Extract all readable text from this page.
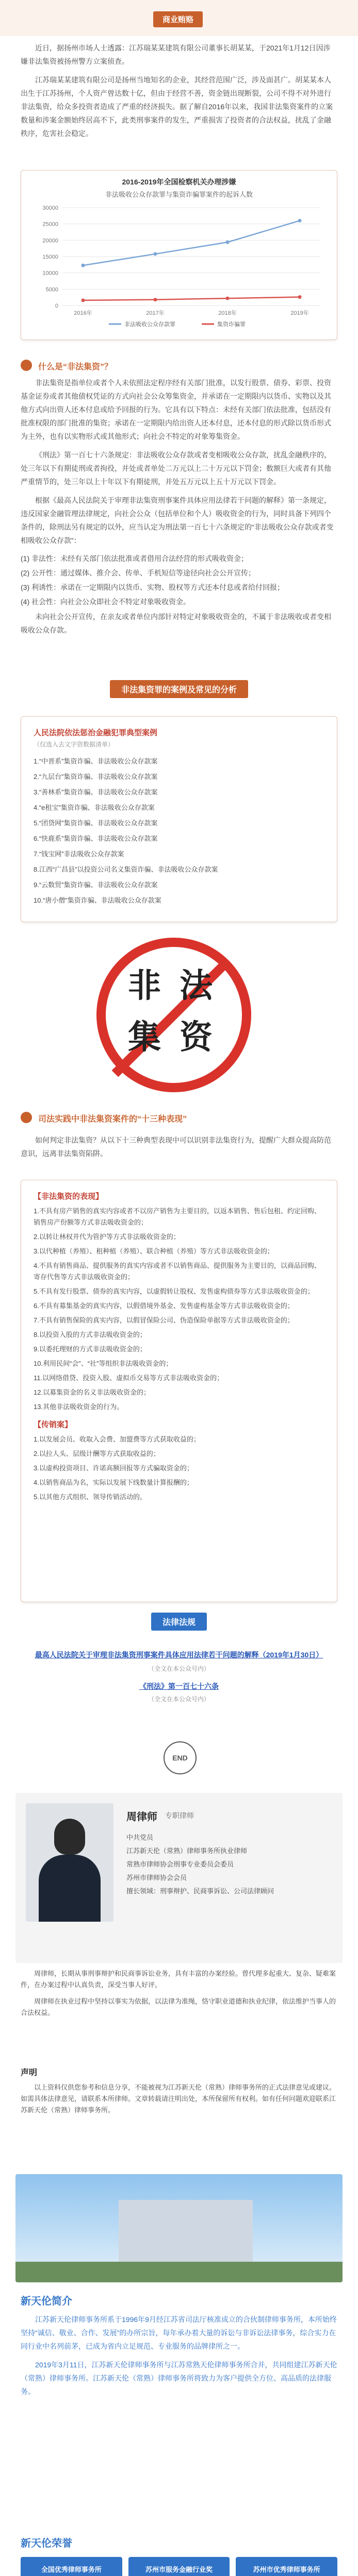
商业贿赂

近日，据扬州市场人士透露：江苏瑞某某建筑有限公司董事长胡某某，于2021年1月12日因涉嫌非法集资被扬州警方立案侦查。

江苏瑞某某建筑有限公司是扬州当地知名的企业，其经营范围广泛，涉及面甚广。胡某某本人出生于江苏扬州，个人资产曾达数十亿，但由于经营不善，资金链出现断裂，公司不得不对外进行非法集资，给众多投资者造成了严重的经济损失。据了解自2016年以来，我国非法集资案件的立案数量和涉案金额始终居高不下，此类刑事案件的发生，严重损害了投资者的合法权益，扰乱了金融秩序，危害社会稳定。

2016-2019年全国检察机关办理涉嫌
非法吸收公众存款罪与集资诈骗罪案件的起诉人数
0
5000
10000
15000
20000
25000
30000
2016年	2017年	2018年	2019年
非法吸收公众存款罪	集资诈骗罪
什么是“非法集资”？

非法集资是指单位或者个人未依照法定程序经有关部门批准，以发行股票、债券、彩票、投资基金证券或者其他债权凭证的方式向社会公众筹集资金，并承诺在一定期限内以货币、实物以及其他方式向出资人还本付息或给予回报的行为。它具有以下特点：未经有关部门依法批准，包括没有批准权限的部门批准的集资；承诺在一定期限内给出资人还本付息，还本付息的形式除以货币形式为主外，也有以实物形式或其他形式；向社会不特定的对象筹集资金。

《刑法》第一百七十六条规定：非法吸收公众存款或者变相吸收公众存款，扰乱金融秩序的，处三年以下有期徒刑或者拘役，并处或者单处二万元以上二十万元以下罚金；数额巨大或者有其他严重情节的，处三年以上十年以下有期徒刑，并处五万元以上五十万元以下罚金。

根据《最高人民法院关于审理非法集资刑事案件具体应用法律若干问题的解释》第一条规定，违反国家金融管理法律规定，向社会公众（包括单位和个人）吸收资金的行为，同时具备下列四个条件的，除刑法另有规定的以外，应当认定为刑法第一百七十六条规定的“非法吸收公众存款或者变相吸收公众存款”：

(1) 非法性：未经有关部门依法批准或者借用合法经营的形式吸收资金；
(2) 公开性：通过媒体、推介会、传单、手机短信等途径向社会公开宣传；
(3) 利诱性：承诺在一定期限内以货币、实物、股权等方式还本付息或者给付回报；
(4) 社会性：向社会公众即社会不特定对象吸收资金。

未向社会公开宣传，在亲友或者单位内部针对特定对象吸收资金的，不属于非法吸收或者变相吸收公众存款。

非法集资罪的案例及常见的分析
人民法院依法惩治金融犯罪典型案例
（仅选入去文字资数据清单）
1.“中晋系”集资诈骗、非法吸收公众存款案
2.“九层台”集资诈骗、非法吸收公众存款案
3.“善林系”集资诈骗、非法吸收公众存款案
4.“e租宝”集资诈骗、非法吸收公众存款案
5.“团贷网”集资诈骗、非法吸收公众存款案
6.“快鹿系”集资诈骗、非法吸收公众存款案
7.“钱宝网”非法吸收公众存款案
8.江西“广昌县”以投资公司名义集资诈骗、非法吸收公众存款案
9.“云数贸”集资诈骗、非法吸收公众存款案
10.“唐小僧”集资诈骗、非法吸收公众存款案
非 法
集 资
司法实践中非法集资案件的“十三种表现”

如何判定非法集资？从以下十三种典型表现中可以识别非法集资行为，提醒广大群众提高防范意识，远离非法集资陷阱。

【非法集资的表现】
1.不具有房产销售的真实内容或者不以房产销售为主要目的，以返本销售、售后包租、约定回购、销售房产份额等方式非法吸收资金的；
2.以转让林权并代为管护等方式非法吸收资金的；
3.以代种植（养殖）、租种植（养殖）、联合种植（养殖）等方式非法吸收资金的；
4.不具有销售商品、提供服务的真实内容或者不以销售商品、提供服务为主要目的，以商品回购、寄存代售等方式非法吸收资金的；
5.不具有发行股票、债券的真实内容，以虚假转让股权、发售虚构债券等方式非法吸收资金的；
6.不具有募集基金的真实内容，以假借境外基金、发售虚构基金等方式非法吸收资金的；
7.不具有销售保险的真实内容，以假冒保险公司、伪造保险单据等方式非法吸收资金的；
8.以投资入股的方式非法吸收资金的；
9.以委托理财的方式非法吸收资金的；
10.利用民间“会”、“社”等组织非法吸收资金的；
11.以网络借贷、投资入股、虚拟币交易等方式非法吸收资金的；
12.以募集资金的名义非法吸收资金的；
13.其他非法吸收资金的行为。
【传销案】
1.以发展会员、收取入会费、加盟费等方式获取收益的；
2.以拉人头、层级计酬等方式获取收益的；
3.以虚构投资项目、许诺高额回报等方式骗取资金的；
4.以销售商品为名，实际以发展下线数量计算报酬的；
5.以其他方式组织、领导传销活动的。
法律法规
最高人民法院关于审理非法集资刑事案件具体应用法律若干问题的解释（2019年1月30日）
（全文在本公众号内）
《刑法》第一百七十六条
（全文在本公众号内）
END
周律师 专职律师
中共党员
江苏新天伦（常熟）律师事务所执业律师
常熟市律师协会刑事专业委员会委员
苏州市律师协会会员
擅长领域：刑事辩护、民商事诉讼、公司法律顾问

周律师，长期从事刑事辩护和民商事诉讼业务，具有丰富的办案经验。曾代理多起重大、复杂、疑难案件，在办案过程中认真负责，深受当事人好评。

周律师在执业过程中坚持以事实为依据，以法律为准绳，恪守职业道德和执业纪律，依法维护当事人的合法权益。

声明

以上资料仅供您参考和信息分享，不能被视为江苏新天伦（常熟）律师事务所的正式法律意见或建议。如需具体法律意见，请联系本所律师。文章转载请注明出处，本所保留所有权利。如有任何问题欢迎联系江苏新天伦（常熟）律师事务所。

新天伦简介

江苏新天伦律师事务所系于1996年9月经江苏省司法厅核准成立的合伙制律师事务所，本所始终坚持“诚信、敬业、合作、发展”的办所宗旨，每年承办着大量的诉讼与非诉讼法律事务，综合实力在同行业中名列前茅，已成为省内立足规范、专业服务的品牌律所之一。

2019年3月11日，江苏新天伦律师事务所与江苏常熟天伦律师事务所合并，共同组建江苏新天伦（常熟）律师事务所。江苏新天伦（常熟）律师事务所将致力为客户提供全方位、高品质的法律服务。

新天伦荣誉
全国优秀律师事务所	苏州市服务金融行业奖	苏州市优秀律师事务所
